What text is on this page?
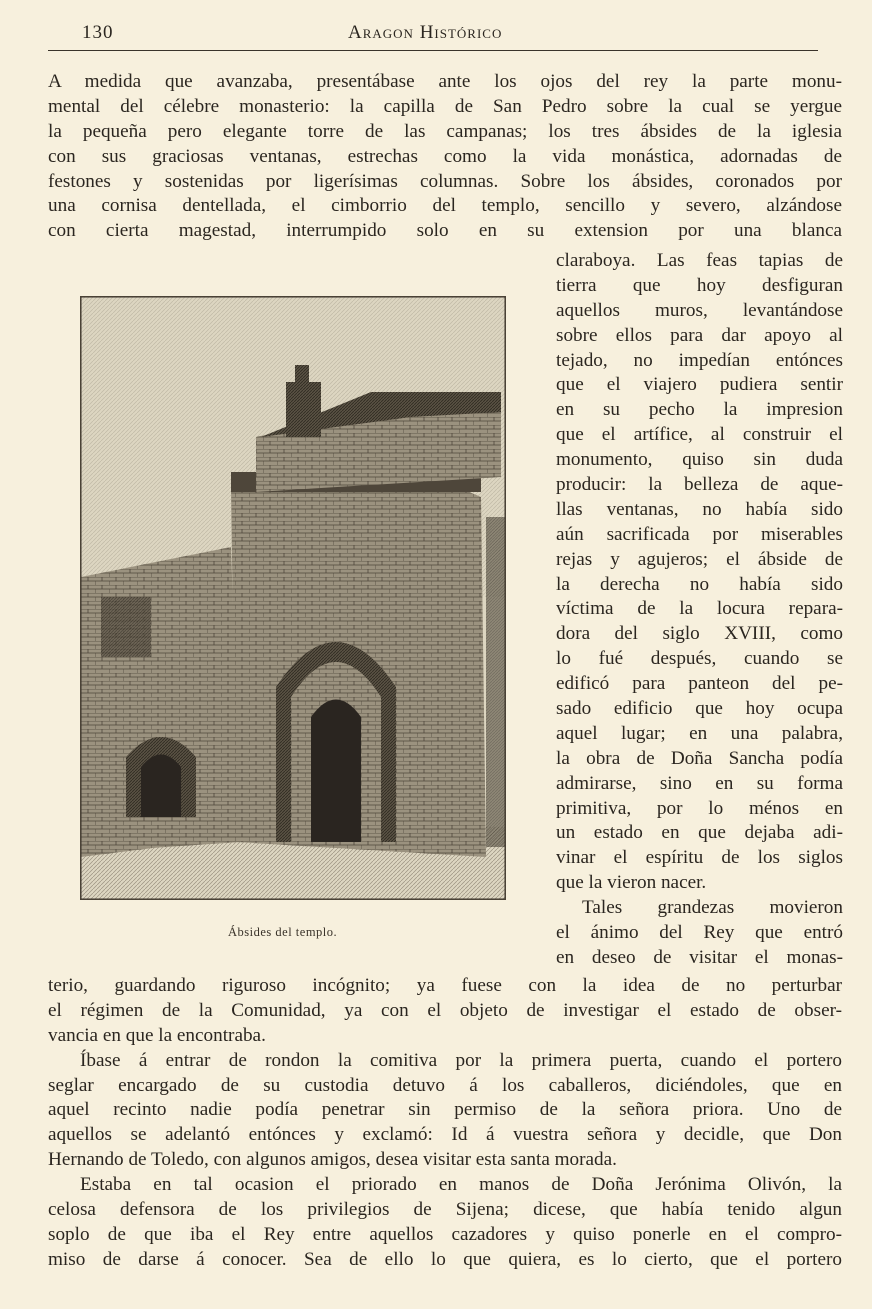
130	Aragon Histórico
A medida que avanzaba, presentábase ante los ojos del rey la parte monu-
mental del célebre monasterio: la capilla de San Pedro sobre la cual se yergue
la pequeña pero elegante torre de las campanas; los tres ábsides de la iglesia
con sus graciosas ventanas, estrechas como la vida monástica, adornadas de
festones y sostenidas por ligerísimas columnas. Sobre los ábsides, coronados por
una cornisa dentellada, el cimborrio del templo, sencillo y severo, alzándose
con cierta magestad, interrumpido solo en su extension por una blanca
claraboya. Las feas tapias de
tierra que hoy desfiguran
aquellos muros, levantándose
sobre ellos para dar apoyo al
tejado, no impedían entónces
que el viajero pudiera sentir
en su pecho la impresion
que el artífice, al construir el
monumento, quiso sin duda
producir: la belleza de aque-
llas ventanas, no había sido
aún sacrificada por miserables
rejas y agujeros; el ábside de
la derecha no había sido
víctima de la locura repara-
dora del siglo XVIII, como
lo fué después, cuando se
edificó para panteon del pe-
sado edificio que hoy ocupa
aquel lugar; en una palabra,
la obra de Doña Sancha podía
admirarse, sino en su forma
primitiva, por lo ménos en
un estado en que dejaba adi-
vinar el espíritu de los siglos
que la vieron nacer.
Tales grandezas movieron
el ánimo del Rey que entró
en deseo de visitar el monas-
Ábsides del templo.
terio, guardando riguroso incógnito; ya fuese con la idea de no perturbar
el régimen de la Comunidad, ya con el objeto de investigar el estado de obser-
vancia en que la encontraba.
Íbase á entrar de rondon la comitiva por la primera puerta, cuando el portero
seglar encargado de su custodia detuvo á los caballeros, diciéndoles, que en
aquel recinto nadie podía penetrar sin permiso de la señora priora. Uno de
aquellos se adelantó entónces y exclamó: Id á vuestra señora y decidle, que Don
Hernando de Toledo, con algunos amigos, desea visitar esta santa morada.
Estaba en tal ocasion el priorado en manos de Doña Jerónima Olivón, la
celosa defensora de los privilegios de Sijena; dicese, que había tenido algun
soplo de que iba el Rey entre aquellos cazadores y quiso ponerle en el compro-
miso de darse á conocer. Sea de ello lo que quiera, es lo cierto, que el portero
